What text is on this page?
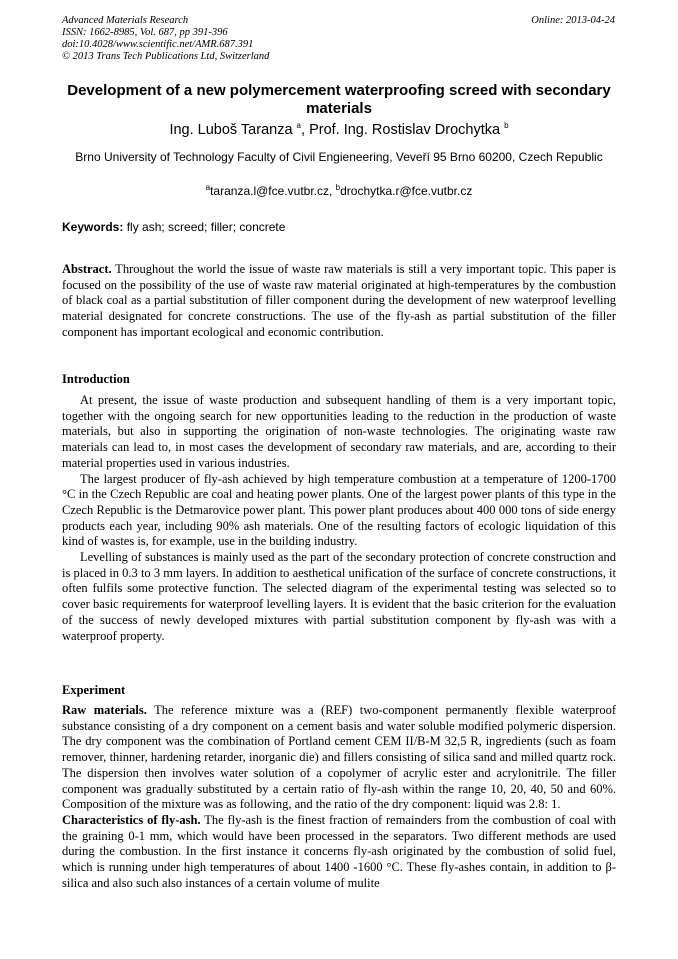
Advanced Materials Research
ISSN: 1662-8985, Vol. 687, pp 391-396
doi:10.4028/www.scientific.net/AMR.687.391
© 2013 Trans Tech Publications Ltd, Switzerland
Online: 2013-04-24
Development of a new polymercement waterproofing screed with secondary materials
Ing. Luboš Taranza $^a$, Prof. Ing. Rostislav Drochytka $^b$
Brno University of Technology Faculty of Civil Engieneering, Veveří 95 Brno 60200, Czech Republic
$^a$taranza.l@fce.vutbr.cz, $^b$drochytka.r@fce.vutbr.cz
Keywords: fly ash; screed; filler; concrete

Abstract. Throughout the world the issue of waste raw materials is still a very important topic. This paper is focused on the possibility of the use of waste raw material originated at high-temperatures by the combustion of black coal as a partial substitution of filler component during the development of new waterproof levelling material designated for concrete constructions. The use of the fly-ash as partial substitution of the filler component has important ecological and economic contribution.

Introduction

At present, the issue of waste production and subsequent handling of them is a very important topic, together with the ongoing search for new opportunities leading to the reduction in the production of waste materials, but also in supporting the origination of non-waste technologies. The originating waste raw materials can lead to, in most cases the development of secondary raw materials, and are, according to their material properties used in various industries.

The largest producer of fly-ash achieved by high temperature combustion at a temperature of 1200-1700 °C in the Czech Republic are coal and heating power plants. One of the largest power plants of this type in the Czech Republic is the Detmarovice power plant. This power plant produces about 400 000 tons of side energy products each year, including 90% ash materials. One of the resulting factors of ecologic liquidation of this kind of wastes is, for example, use in the building industry.

Levelling of substances is mainly used as the part of the secondary protection of concrete construction and is placed in 0.3 to 3 mm layers. In addition to aesthetical unification of the surface of concrete constructions, it often fulfils some protective function. The selected diagram of the experimental testing was selected so to cover basic requirements for waterproof levelling layers. It is evident that the basic criterion for the evaluation of the success of newly developed mixtures with partial substitution component by fly-ash was with a waterproof property.

Experiment

Raw materials. The reference mixture was a (REF) two-component permanently flexible waterproof substance consisting of a dry component on a cement basis and water soluble modified polymeric dispersion. The dry component was the combination of Portland cement CEM II/B-M 32,5 R, ingredients (such as foam remover, thinner, hardening retarder, inorganic die) and fillers consisting of silica sand and milled quartz rock. The dispersion then involves water solution of a copolymer of acrylic ester and acrylonitrile. The filler component was gradually substituted by a certain ratio of fly-ash within the range 10, 20, 40, 50 and 60%. Composition of the mixture was as following, and the ratio of the dry component: liquid was 2.8: 1.

Characteristics of fly-ash. The fly-ash is the finest fraction of remainders from the combustion of coal with the graining 0-1 mm, which would have been processed in the separators. Two different methods are used during the combustion. In the first instance it concerns fly-ash originated by the combustion of solid fuel, which is running under high temperatures of about 1400 -1600 °C. These fly-ashes contain, in addition to β-silica and also such also instances of a certain volume of mulite
